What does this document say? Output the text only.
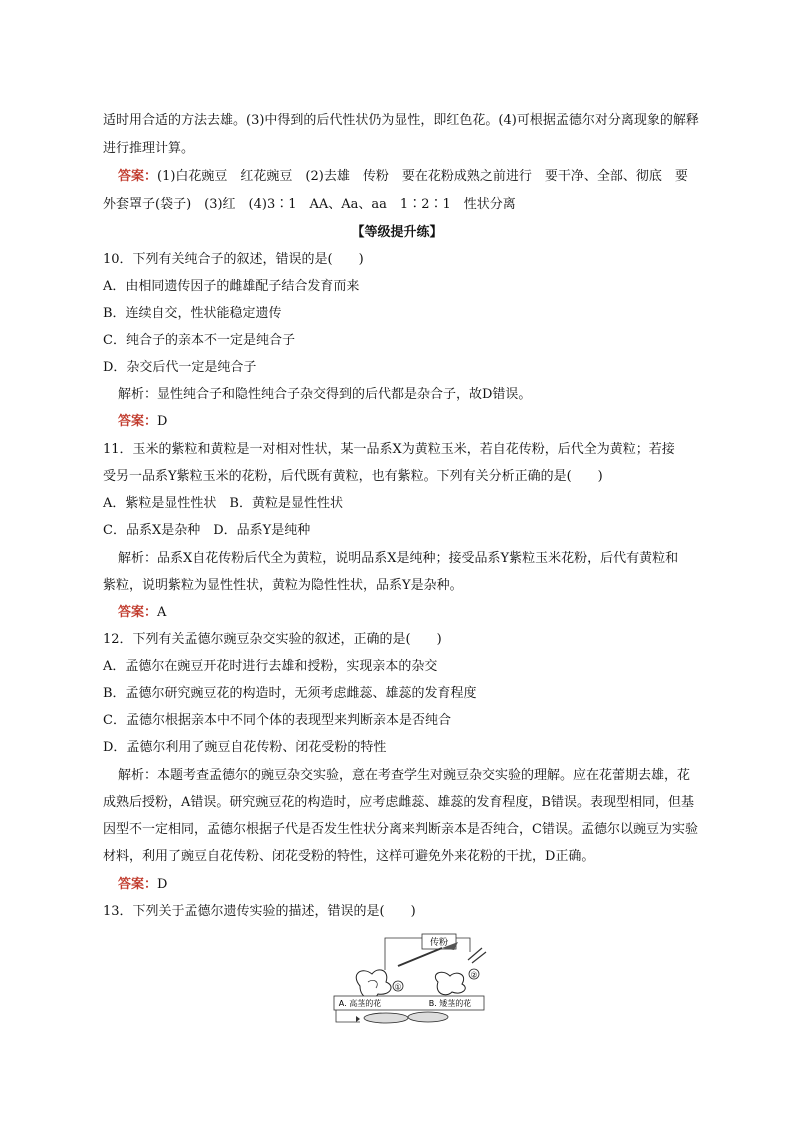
适时用合适的方法去雄。(3)中得到的后代性状仍为显性，即红色花。(4)可根据孟德尔对分离现象的解释
进行推理计算。
答案：(1)白花豌豆　红花豌豆　(2)去雄　传粉　要在花粉成熟之前进行　要干净、全部、彻底　要
外套罩子(袋子)　(3)红　(4)3∶1　AA、Aa、aa　1∶2∶1　性状分离
【等级提升练】
10．下列有关纯合子的叙述，错误的是(　　)
A．由相同遗传因子的雌雄配子结合发育而来
B．连续自交，性状能稳定遗传
C．纯合子的亲本不一定是纯合子
D．杂交后代一定是纯合子
解析：显性纯合子和隐性纯合子杂交得到的后代都是杂合子，故D错误。
答案：D
11．玉米的紫粒和黄粒是一对相对性状，某一品系X为黄粒玉米，若自花传粉，后代全为黄粒；若接
受另一品系Y紫粒玉米的花粉，后代既有黄粒，也有紫粒。下列有关分析正确的是(　　)
A．紫粒是显性性状　B．黄粒是显性性状
C．品系X是杂种　D．品系Y是纯种
解析：品系X自花传粉后代全为黄粒，说明品系X是纯种；接受品系Y紫粒玉米花粉，后代有黄粒和
紫粒，说明紫粒为显性性状，黄粒为隐性性状，品系Y是杂种。
答案：A
12．下列有关孟德尔豌豆杂交实验的叙述，正确的是(　　)
A．孟德尔在豌豆开花时进行去雄和授粉，实现亲本的杂交
B．孟德尔研究豌豆花的构造时，无须考虑雌蕊、雄蕊的发育程度
C．孟德尔根据亲本中不同个体的表现型来判断亲本是否纯合
D．孟德尔利用了豌豆自花传粉、闭花受粉的特性
解析：本题考查孟德尔的豌豆杂交实验，意在考查学生对豌豆杂交实验的理解。应在花蕾期去雄，花
成熟后授粉，A错误。研究豌豆花的构造时，应考虑雌蕊、雄蕊的发育程度，B错误。表现型相同，但基
因型不一定相同，孟德尔根据子代是否发生性状分离来判断亲本是否纯合，C错误。孟德尔以豌豆为实验
材料，利用了豌豆自花传粉、闭花受粉的特性，这样可避免外来花粉的干扰，D正确。
答案：D
13．下列关于孟德尔遗传实验的描述，错误的是(　　)
传粉
①
②
A. 高茎的花	B. 矮茎的花
